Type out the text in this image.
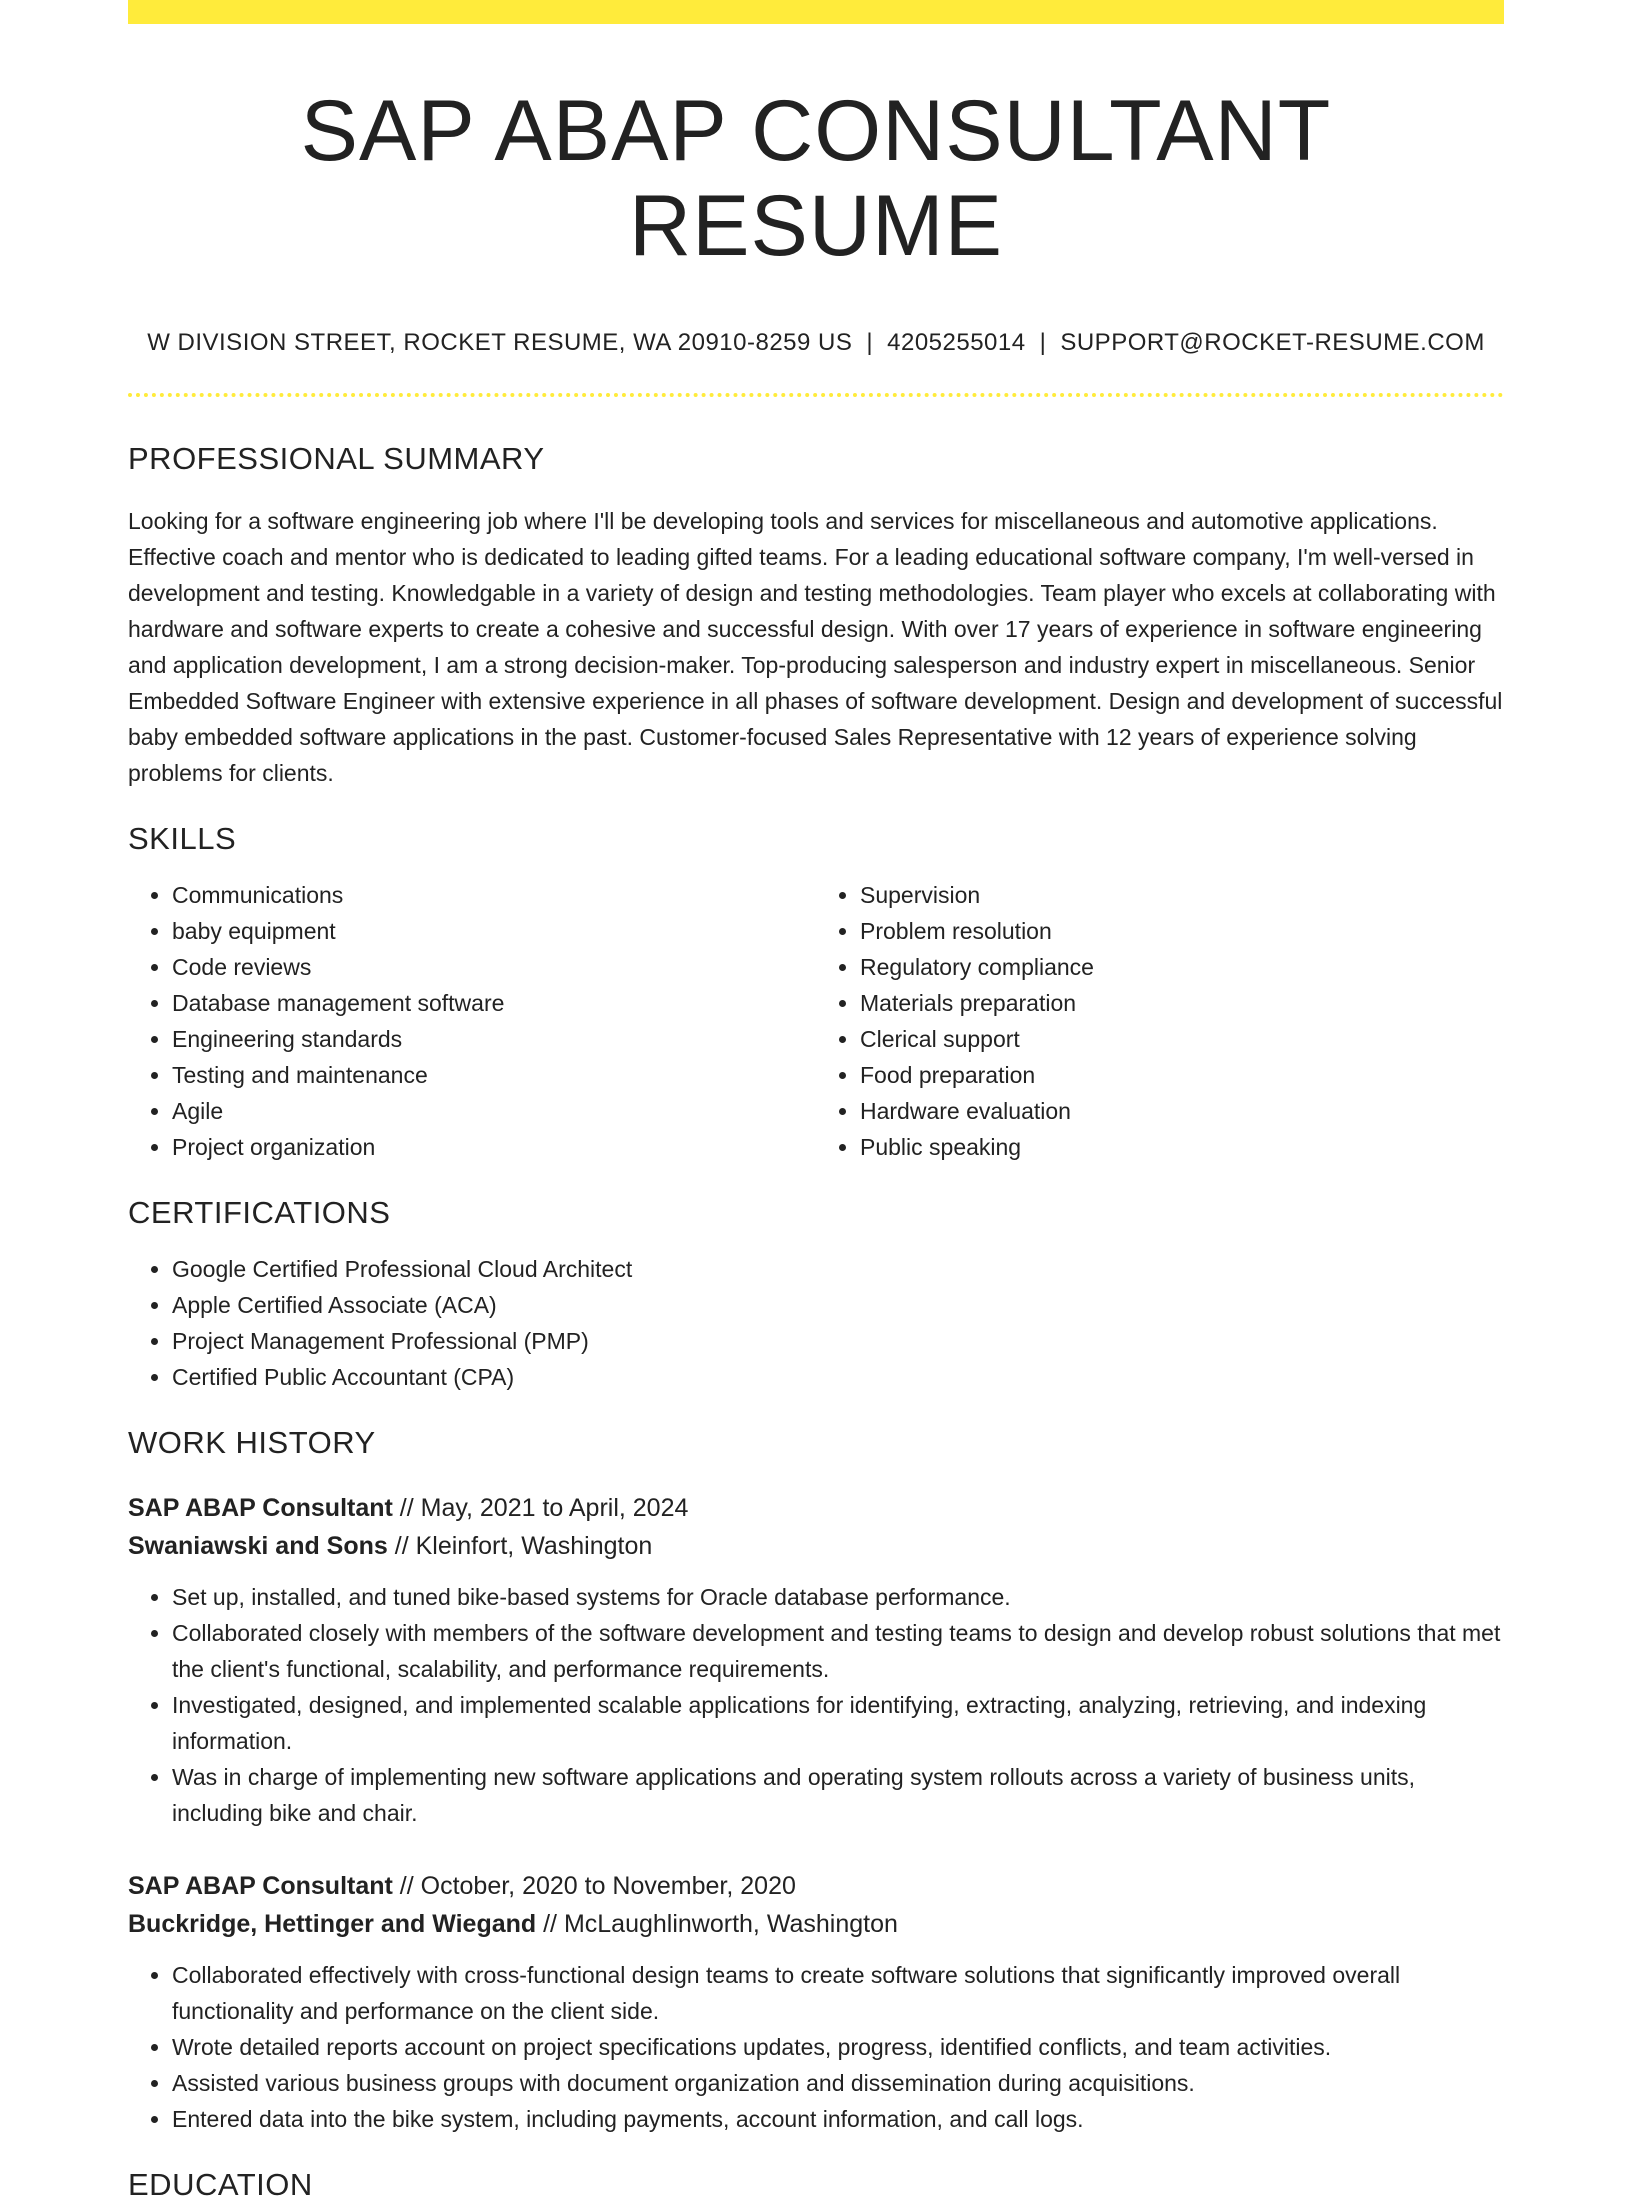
SAP ABAP CONSULTANT RESUME
W DIVISION STREET, ROCKET RESUME, WA 20910-8259 US | 4205255014 | SUPPORT@ROCKET-RESUME.COM
PROFESSIONAL SUMMARY

Looking for a software engineering job where I'll be developing tools and services for miscellaneous and automotive applications. Effective coach and mentor who is dedicated to leading gifted teams. For a leading educational software company, I'm well-versed in development and testing. Knowledgable in a variety of design and testing methodologies. Team player who excels at collaborating with hardware and software experts to create a cohesive and successful design. With over 17 years of experience in software engineering and application development, I am a strong decision-maker. Top-producing salesperson and industry expert in miscellaneous. Senior Embedded Software Engineer with extensive experience in all phases of software development. Design and development of successful baby embedded software applications in the past. Customer-focused Sales Representative with 12 years of experience solving problems for clients.

SKILLS
• Communications
• baby equipment
• Code reviews
• Database management software
• Engineering standards
• Testing and maintenance
• Agile
• Project organization
• Supervision
• Problem resolution
• Regulatory compliance
• Materials preparation
• Clerical support
• Food preparation
• Hardware evaluation
• Public speaking
CERTIFICATIONS
• Google Certified Professional Cloud Architect
• Apple Certified Associate (ACA)
• Project Management Professional (PMP)
• Certified Public Accountant (CPA)
WORK HISTORY
SAP ABAP Consultant // May, 2021 to April, 2024
Swaniawski and Sons // Kleinfort, Washington
• Set up, installed, and tuned bike-based systems for Oracle database performance.
• Collaborated closely with members of the software development and testing teams to design and develop robust solutions that met the client's functional, scalability, and performance requirements.
• Investigated, designed, and implemented scalable applications for identifying, extracting, analyzing, retrieving, and indexing information.
• Was in charge of implementing new software applications and operating system rollouts across a variety of business units, including bike and chair.
SAP ABAP Consultant // October, 2020 to November, 2020
Buckridge, Hettinger and Wiegand // McLaughlinworth, Washington
• Collaborated effectively with cross-functional design teams to create software solutions that significantly improved overall functionality and performance on the client side.
• Wrote detailed reports account on project specifications updates, progress, identified conflicts, and team activities.
• Assisted various business groups with document organization and dissemination during acquisitions.
• Entered data into the bike system, including payments, account information, and call logs.
EDUCATION
